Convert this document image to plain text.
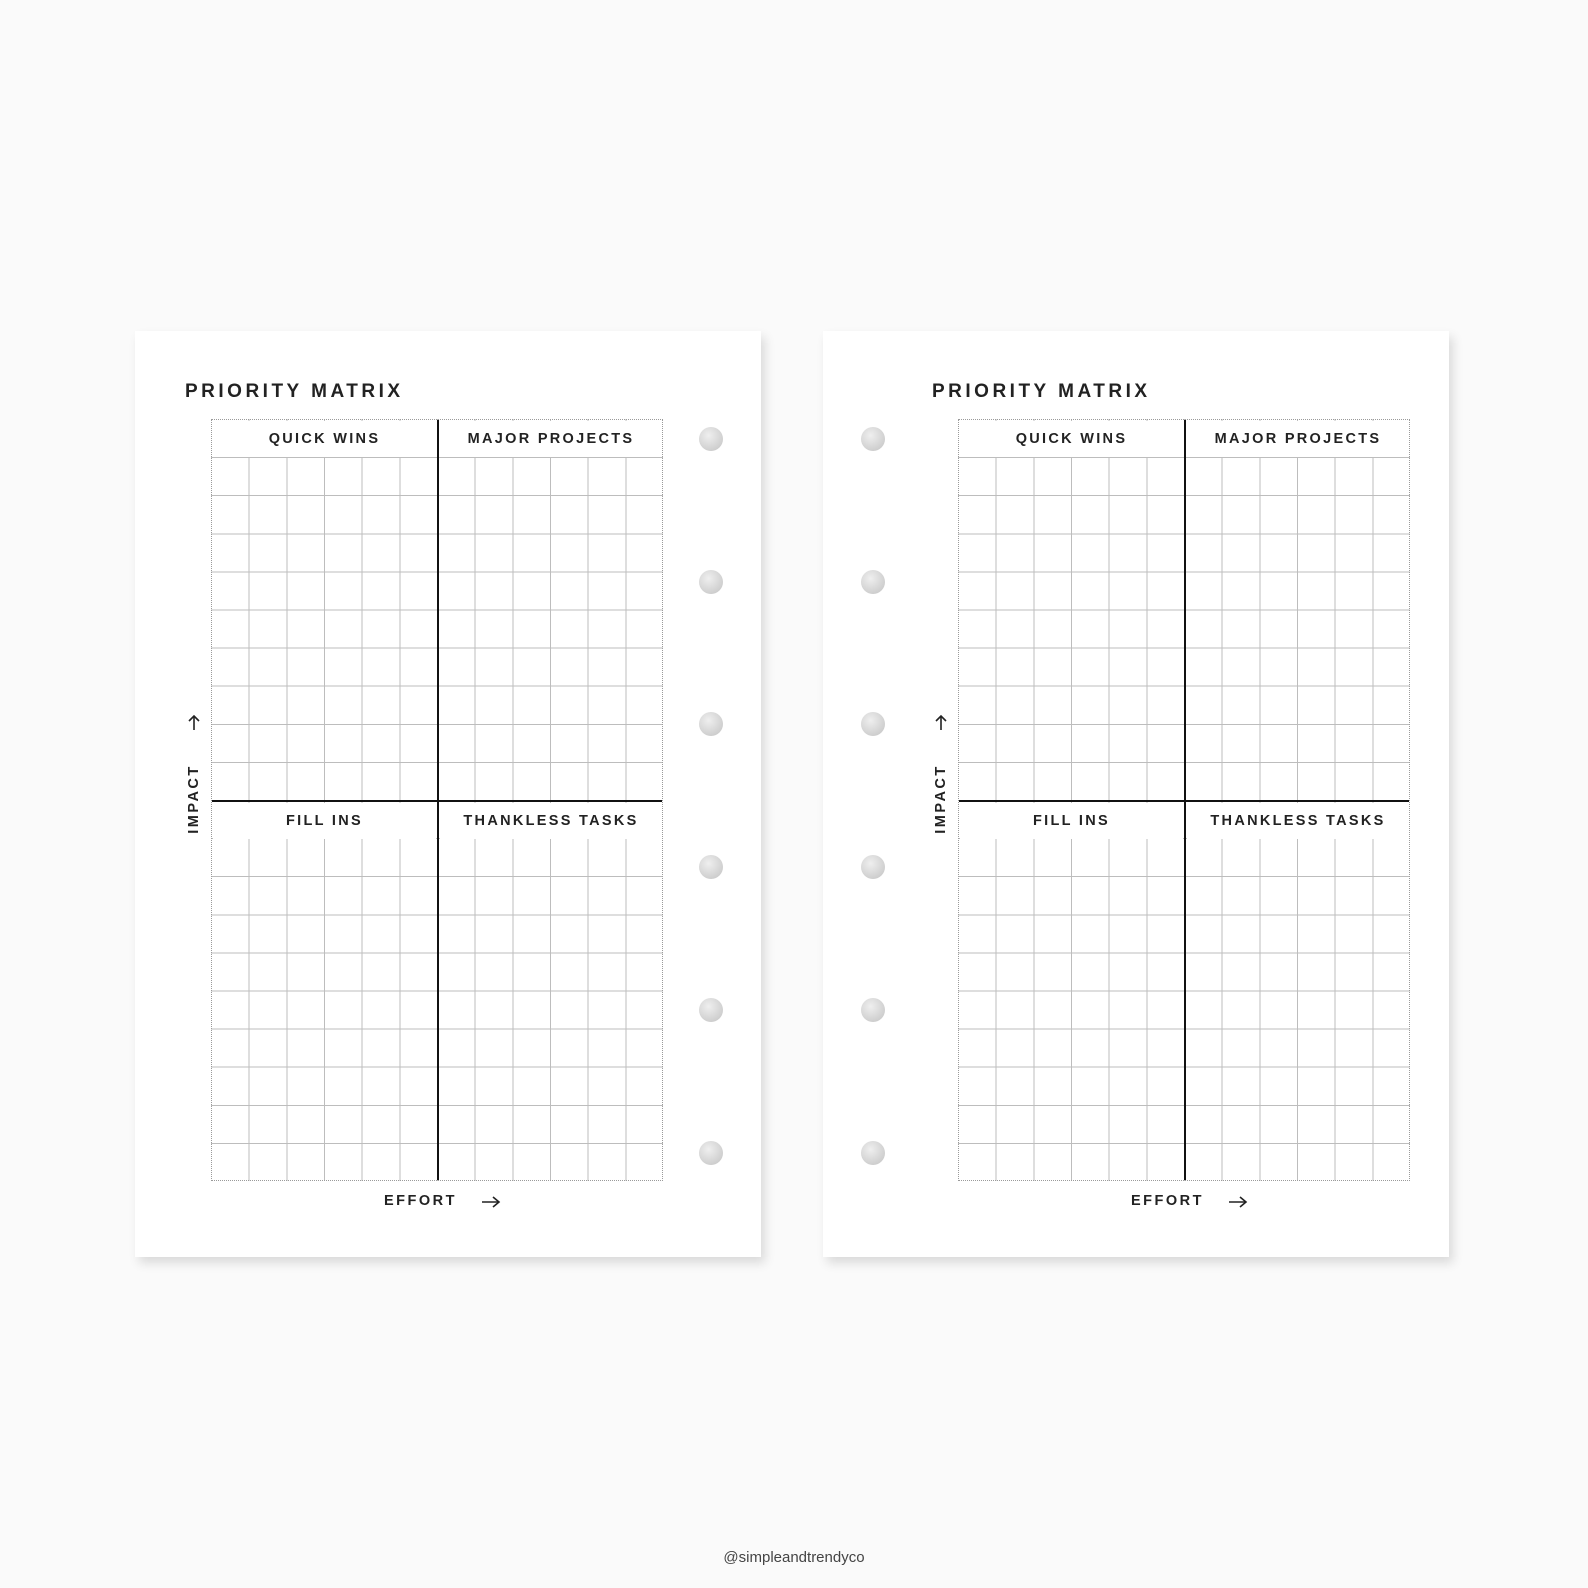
PRIORITY MATRIX
QUICK WINS	MAJOR PROJECTS
FILL INS	THANKLESS TASKS
IMPACT
EFFORT
PRIORITY MATRIX
QUICK WINS	MAJOR PROJECTS
FILL INS	THANKLESS TASKS
IMPACT
EFFORT
@simpleandtrendyco
